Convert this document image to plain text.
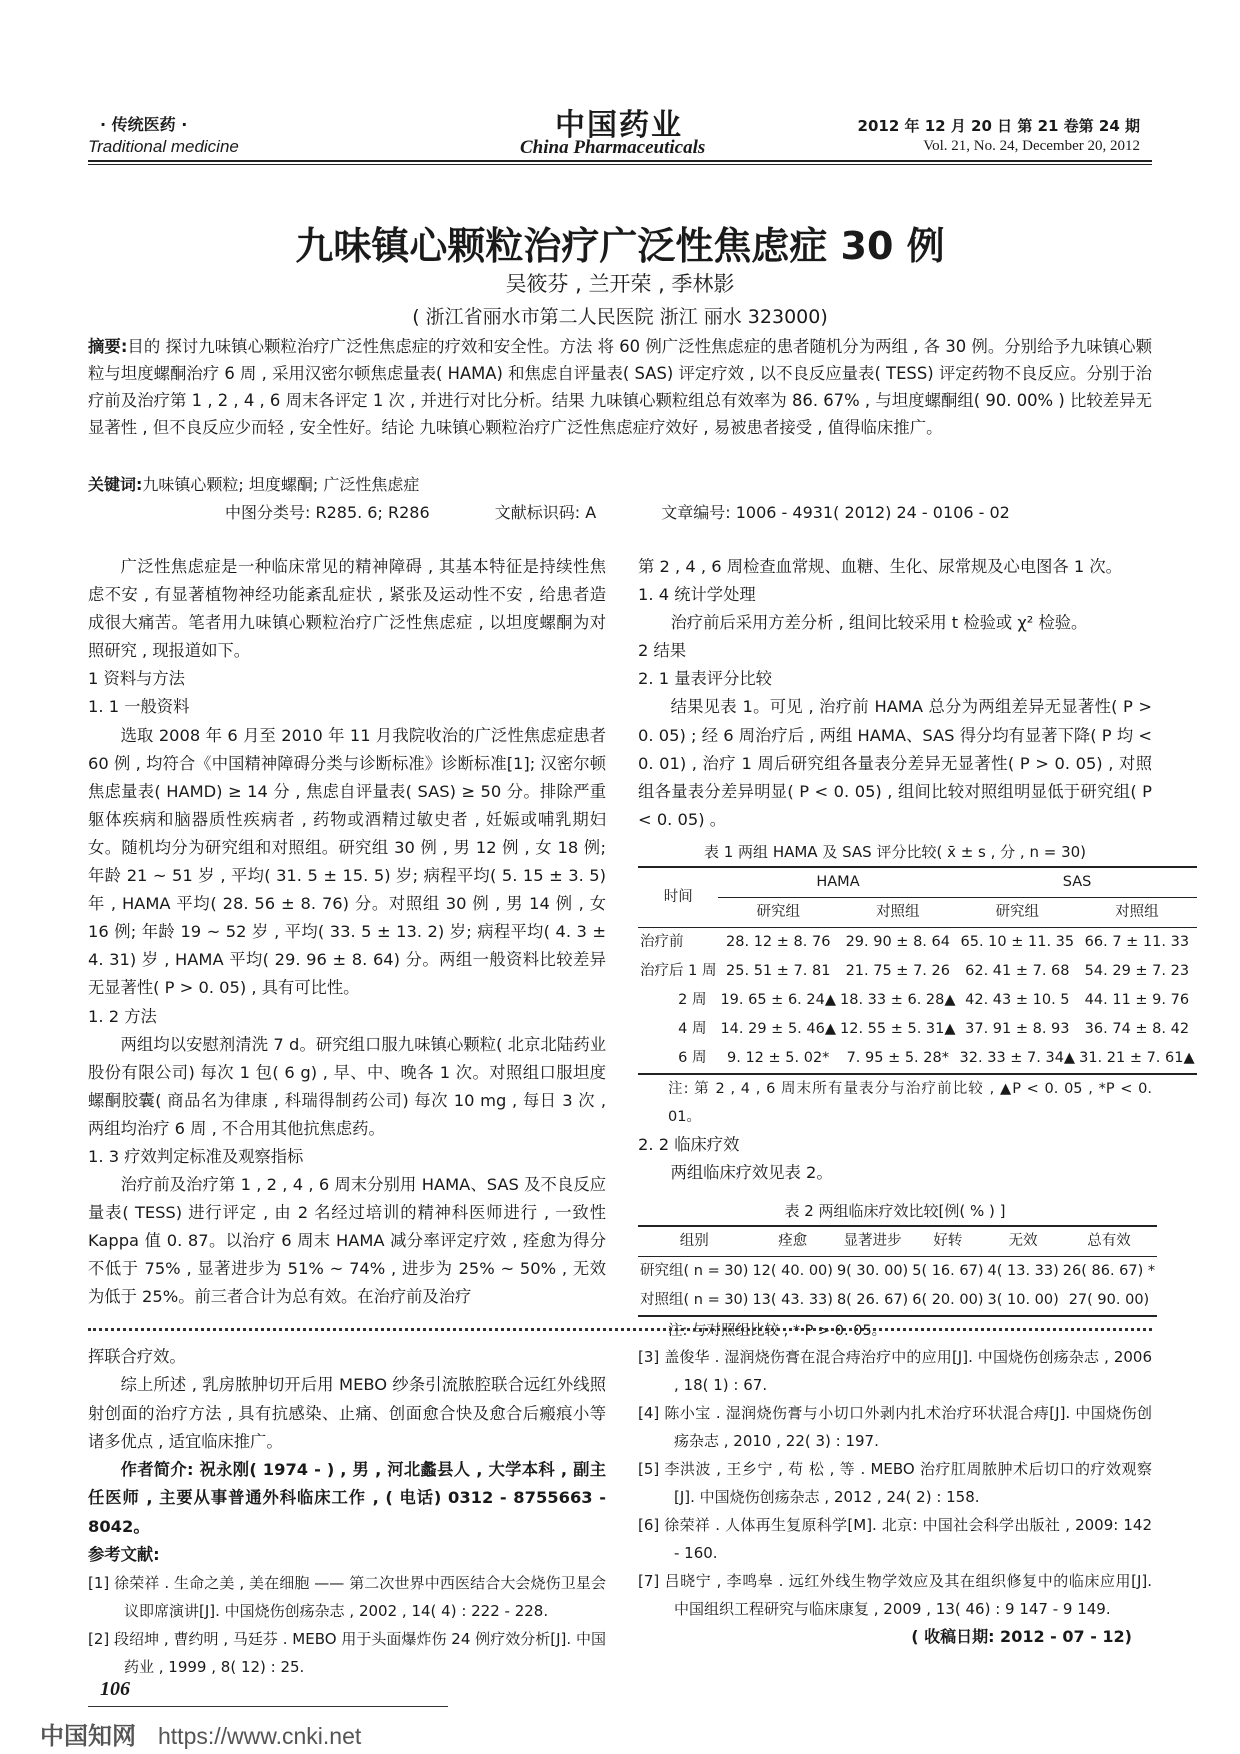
· 传统医药 ·
Traditional medicine
中国药业
China Pharmaceuticals
2012 年 12 月 20 日 第 21 卷第 24 期
Vol. 21, No. 24, December 20, 2012
九味镇心颗粒治疗广泛性焦虑症 30 例
吴筱芬 , 兰开荣 , 季林影
( 浙江省丽水市第二人民医院 浙江 丽水 323000)
摘要:目的 探讨九味镇心颗粒治疗广泛性焦虑症的疗效和安全性。方法 将 60 例广泛性焦虑症的患者随机分为两组 , 各 30 例。分别给予九味镇心颗粒与坦度螺酮治疗 6 周 , 采用汉密尔顿焦虑量表( HAMA) 和焦虑自评量表( SAS) 评定疗效 , 以不良反应量表( TESS) 评定药物不良反应。分别于治疗前及治疗第 1 , 2 , 4 , 6 周末各评定 1 次 , 并进行对比分析。结果 九味镇心颗粒组总有效率为 86. 67% , 与坦度螺酮组( 90. 00% ) 比较差异无显著性 , 但不良反应少而轻 , 安全性好。结论 九味镇心颗粒治疗广泛性焦虑症疗效好 , 易被患者接受 , 值得临床推广。
关键词:九味镇心颗粒; 坦度螺酮; 广泛性焦虑症
中图分类号: R285. 6; R286	文献标识码: A	文章编号: 1006 - 4931( 2012) 24 - 0106 - 02
广泛性焦虑症是一种临床常见的精神障碍 , 其基本特征是持续性焦虑不安 , 有显著植物神经功能紊乱症状 , 紧张及运动性不安 , 给患者造成很大痛苦。笔者用九味镇心颗粒治疗广泛性焦虑症 , 以坦度螺酮为对照研究 , 现报道如下。
1 资料与方法
1. 1 一般资料
选取 2008 年 6 月至 2010 年 11 月我院收治的广泛性焦虑症患者 60 例 , 均符合《中国精神障碍分类与诊断标准》诊断标准[1]; 汉密尔顿焦虑量表( HAMD) ≥ 14 分 , 焦虑自评量表( SAS) ≥ 50 分。排除严重躯体疾病和脑器质性疾病者 , 药物或酒精过敏史者 , 妊娠或哺乳期妇女。随机均分为研究组和对照组。研究组 30 例 , 男 12 例 , 女 18 例; 年龄 21 ~ 51 岁 , 平均( 31. 5 ± 15. 5) 岁; 病程平均( 5. 15 ± 3. 5) 年 , HAMA 平均( 28. 56 ± 8. 76) 分。对照组 30 例 , 男 14 例 , 女 16 例; 年龄 19 ~ 52 岁 , 平均( 33. 5 ± 13. 2) 岁; 病程平均( 4. 3 ± 4. 31) 岁 , HAMA 平均( 29. 96 ± 8. 64) 分。两组一般资料比较差异无显著性( P > 0. 05) , 具有可比性。
1. 2 方法
两组均以安慰剂清洗 7 d。研究组口服九味镇心颗粒( 北京北陆药业股份有限公司) 每次 1 包( 6 g) , 早、中、晚各 1 次。对照组口服坦度螺酮胶囊( 商品名为律康 , 科瑞得制药公司) 每次 10 mg , 每日 3 次 , 两组均治疗 6 周 , 不合用其他抗焦虑药。
1. 3 疗效判定标准及观察指标
治疗前及治疗第 1 , 2 , 4 , 6 周末分别用 HAMA、SAS 及不良反应量表( TESS) 进行评定 , 由 2 名经过培训的精神科医师进行 , 一致性 Kappa 值 0. 87。以治疗 6 周末 HAMA 减分率评定疗效 , 痊愈为得分不低于 75% , 显著进步为 51% ~ 74% , 进步为 25% ~ 50% , 无效为低于 25%。前三者合计为总有效。在治疗前及治疗
第 2 , 4 , 6 周检查血常规、血糖、生化、尿常规及心电图各 1 次。
1. 4 统计学处理
治疗前后采用方差分析 , 组间比较采用 t 检验或 χ² 检验。
2 结果
2. 1 量表评分比较
结果见表 1。可见 , 治疗前 HAMA 总分为两组差异无显著性( P > 0. 05) ; 经 6 周治疗后 , 两组 HAMA、SAS 得分均有显著下降( P 均 < 0. 01) , 治疗 1 周后研究组各量表分差异无显著性( P > 0. 05) , 对照组各量表分差异明显( P < 0. 05) , 组间比较对照组明显低于研究组( P < 0. 05) 。
表 1 两组 HAMA 及 SAS 评分比较( x̄ ± s , 分 , n = 30)
时间	HAMA		SAS	
	研究组	对照组	研究组	对照组
治疗前	28. 12 ± 8. 76	29. 90 ± 8. 64	65. 10 ± 11. 35	66. 7 ± 11. 33
治疗后 1 周	25. 51 ± 7. 81	21. 75 ± 7. 26	62. 41 ± 7. 68	54. 29 ± 7. 23
2 周	19. 65 ± 6. 24▲	18. 33 ± 6. 28▲	42. 43 ± 10. 5	44. 11 ± 9. 76
4 周	14. 29 ± 5. 46▲	12. 55 ± 5. 31▲	37. 91 ± 8. 93	36. 74 ± 8. 42
6 周	9. 12 ± 5. 02*	7. 95 ± 5. 28*	32. 33 ± 7. 34▲	31. 21 ± 7. 61▲
注: 第 2 , 4 , 6 周末所有量表分与治疗前比较 , ▲P < 0. 05 , *P < 0. 01。
2. 2 临床疗效
两组临床疗效见表 2。
表 2 两组临床疗效比较[例( % ) ]
组别	痊愈	显著进步	好转	无效	总有效
研究组( n = 30)	12( 40. 00)	9( 30. 00)	5( 16. 67)	4( 13. 33)	26( 86. 67) *
对照组( n = 30)	13( 43. 33)	8( 26. 67)	6( 20. 00)	3( 10. 00)	27( 90. 00)
注: 与对照组比较 , * P > 0. 05。
挥联合疗效。
综上所述 , 乳房脓肿切开后用 MEBO 纱条引流脓腔联合远红外线照射创面的治疗方法 , 具有抗感染、止痛、创面愈合快及愈合后瘢痕小等诸多优点 , 适宜临床推广。
作者简介: 祝永刚( 1974 - ) , 男 , 河北蠡县人 , 大学本科 , 副主任医师 , 主要从事普通外科临床工作 , ( 电话) 0312 - 8755663 - 8042。
参考文献:
[1] 徐荣祥 . 生命之美 , 美在细胞 —— 第二次世界中西医结合大会烧伤卫星会议即席演讲[J]. 中国烧伤创疡杂志 , 2002 , 14( 4) : 222 - 228.
[2] 段绍坤 , 曹约明 , 马廷芬 . MEBO 用于头面爆炸伤 24 例疗效分析[J]. 中国药业 , 1999 , 8( 12) : 25.
[3] 盖俊华 . 湿润烧伤膏在混合痔治疗中的应用[J]. 中国烧伤创疡杂志 , 2006 , 18( 1) : 67.
[4] 陈小宝 . 湿润烧伤膏与小切口外剥内扎术治疗环状混合痔[J]. 中国烧伤创疡杂志 , 2010 , 22( 3) : 197.
[5] 李洪波 , 王乡宁 , 苟 松 , 等 . MEBO 治疗肛周脓肿术后切口的疗效观察[J]. 中国烧伤创疡杂志 , 2012 , 24( 2) : 158.
[6] 徐荣祥 . 人体再生复原科学[M]. 北京: 中国社会科学出版社 , 2009: 142 - 160.
[7] 吕晓宁 , 李鸣皋 . 远红外线生物学效应及其在组织修复中的临床应用[J]. 中国组织工程研究与临床康复 , 2009 , 13( 46) : 9 147 - 9 149.
( 收稿日期: 2012 - 07 - 12)
106
中国知网 https://www.cnki.net
